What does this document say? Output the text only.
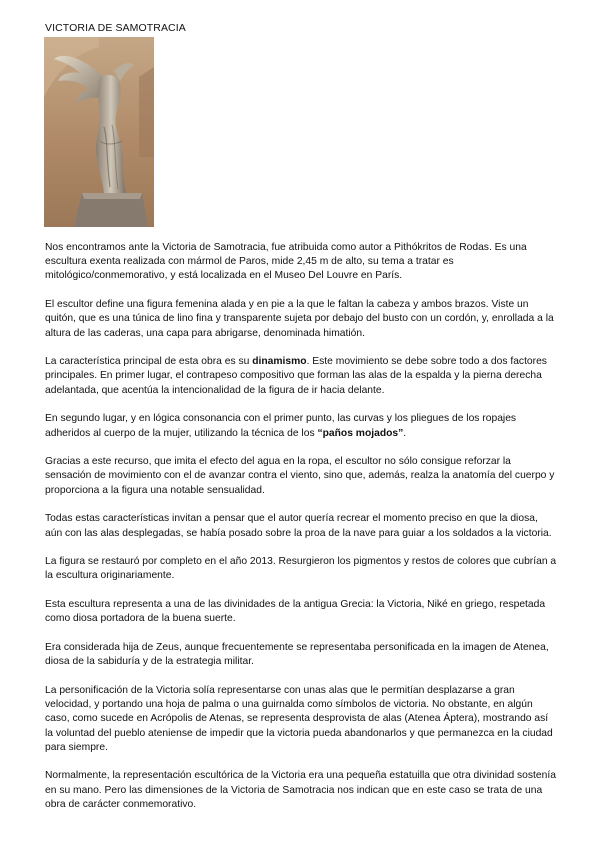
VICTORIA DE SAMOTRACIA

Nos encontramos ante la Victoria de Samotracia, fue atribuida como autor a Pithókritos de Rodas. Es una escultura exenta realizada con mármol de Paros, mide 2,45 m de alto, su tema a tratar es mitológico/conmemorativo, y está localizada en el Museo Del Louvre en París.

El escultor define una figura femenina alada y en pie a la que le faltan la cabeza y ambos brazos. Viste un quitón, que es una túnica de lino fina y transparente sujeta por debajo del busto con un cordón, y, enrollada a la altura de las caderas, una capa para abrigarse, denominada himatión.

La característica principal de esta obra es su dinamismo. Este movimiento se debe sobre todo a dos factores principales. En primer lugar, el contrapeso compositivo que forman las alas de la espalda y la pierna derecha adelantada, que acentúa la intencionalidad de la figura de ir hacia delante.

En segundo lugar, y en lógica consonancia con el primer punto, las curvas y los pliegues de los ropajes adheridos al cuerpo de la mujer, utilizando la técnica de los “paños mojados”.

Gracias a este recurso, que imita el efecto del agua en la ropa, el escultor no sólo consigue reforzar la sensación de movimiento con el de avanzar contra el viento, sino que, además, realza la anatomía del cuerpo y proporciona a la figura una notable sensualidad.

Todas estas características invitan a pensar que el autor quería recrear el momento preciso en que la diosa, aún con las alas desplegadas, se había posado sobre la proa de la nave para guiar a los soldados a la victoria.

La figura se restauró por completo en el año 2013. Resurgieron los pigmentos y restos de colores que cubrían a la escultura originariamente.

Esta escultura representa a una de las divinidades de la antigua Grecia: la Victoria, Niké en griego, respetada como diosa portadora de la buena suerte.

Era considerada hija de Zeus, aunque frecuentemente se representaba personificada en la imagen de Atenea, diosa de la sabiduría y de la estrategia militar.

La personificación de la Victoria solía representarse con unas alas que le permitían desplazarse a gran velocidad, y portando una hoja de palma o una guirnalda como símbolos de victoria. No obstante, en algún caso, como sucede en Acrópolis de Atenas, se representa desprovista de alas (Atenea Áptera), mostrando así la voluntad del pueblo ateniense de impedir que la victoria pueda abandonarlos y que permanezca en la ciudad para siempre.

Normalmente, la representación escultórica de la Victoria era una pequeña estatuilla que otra divinidad sostenía en su mano. Pero las dimensiones de la Victoria de Samotracia nos indican que en este caso se trata de una obra de carácter conmemorativo.
